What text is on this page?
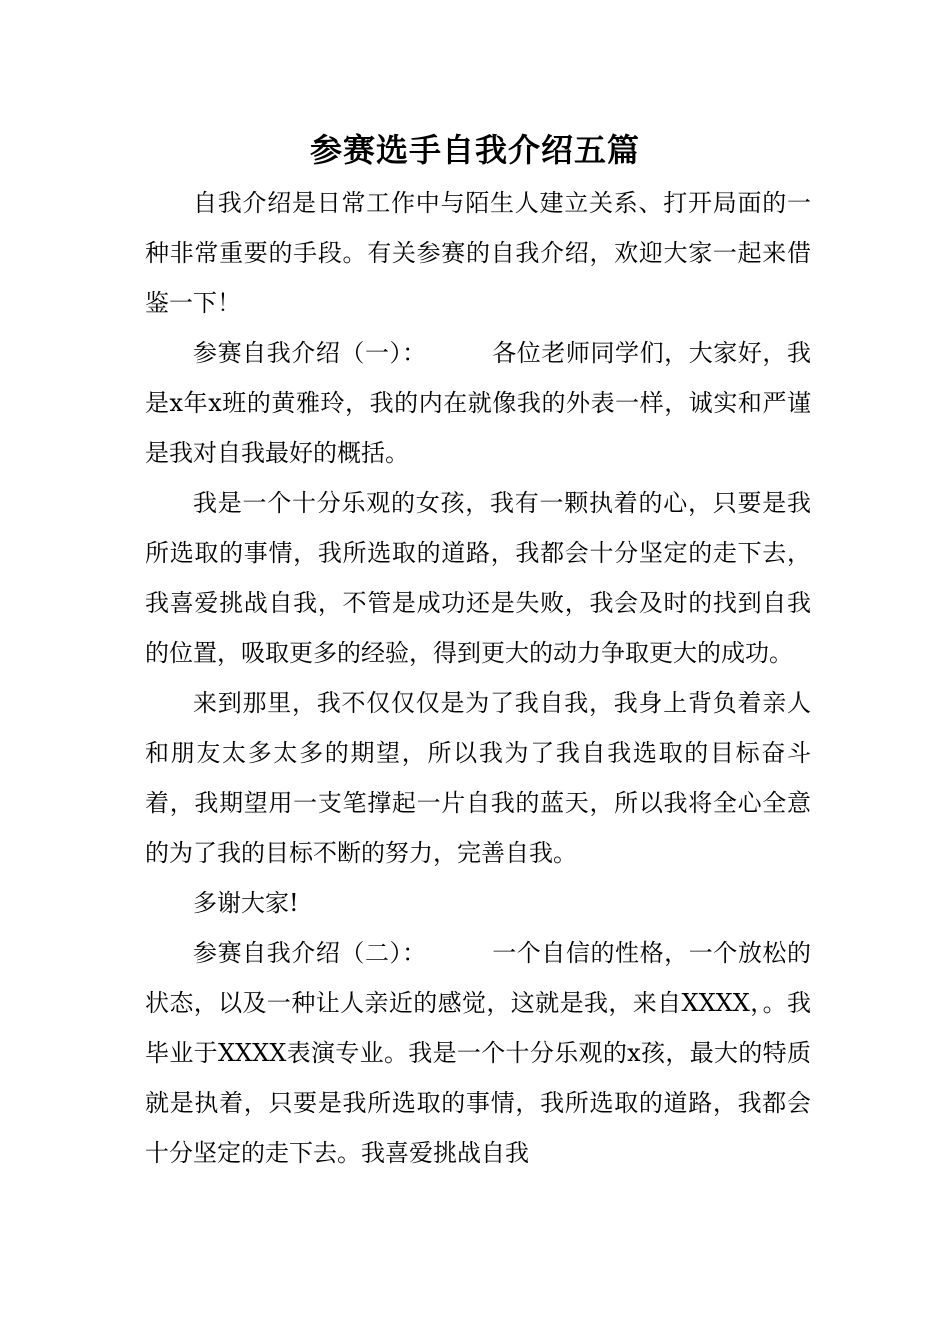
参赛选手自我介绍五篇

自我介绍是日常工作中与陌生人建立关系、打开局面的一种非常重要的手段。有关参赛的自我介绍，欢迎大家一起来借鉴一下！

参赛自我介绍（一）：        各位老师同学们，大家好，我是x年x班的黄雅玲，我的内在就像我的外表一样，诚实和严谨是我对自我最好的概括。

我是一个十分乐观的女孩，我有一颗执着的心，只要是我所选取的事情，我所选取的道路，我都会十分坚定的走下去，我喜爱挑战自我，不管是成功还是失败，我会及时的找到自我的位置，吸取更多的经验，得到更大的动力争取更大的成功。

来到那里，我不仅仅仅是为了我自我，我身上背负着亲人和朋友太多太多的期望，所以我为了我自我选取的目标奋斗着，我期望用一支笔撑起一片自我的蓝天，所以我将全心全意的为了我的目标不断的努力，完善自我。

多谢大家!

参赛自我介绍（二）：        一个自信的性格，一个放松的状态，以及一种让人亲近的感觉，这就是我，来自XXXX，。我毕业于XXXX表演专业。我是一个十分乐观的x孩，最大的特质就是执着，只要是我所选取的事情，我所选取的道路，我都会十分坚定的走下去。我喜爱挑战自我
